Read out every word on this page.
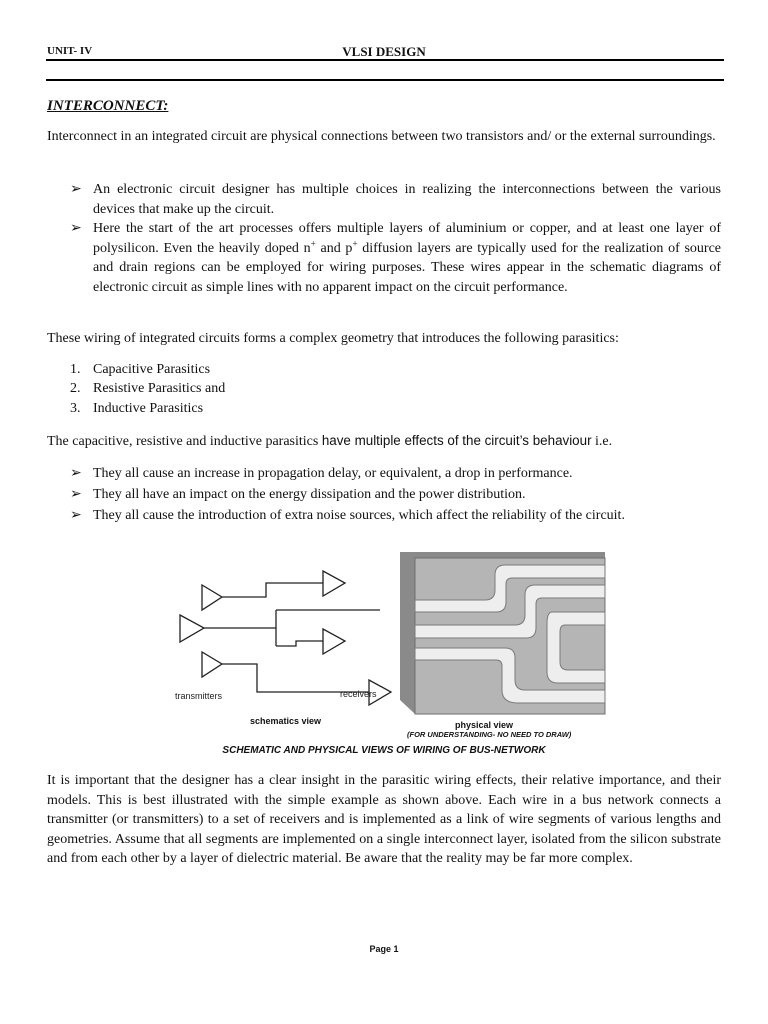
UNIT- IV	VLSI DESIGN
INTERCONNECT:

Interconnect in an integrated circuit are physical connections between two transistors and/ or the external surroundings.

➢ An electronic circuit designer has multiple choices in realizing the interconnections between the various devices that make up the circuit.
➢ Here the start of the art processes offers multiple layers of aluminium or copper, and at least one layer of polysilicon. Even the heavily doped n+ and p+ diffusion layers are typically used for the realization of source and drain regions can be employed for wiring purposes. These wires appear in the schematic diagrams of electronic circuit as simple lines with no apparent impact on the circuit performance.

These wiring of integrated circuits forms a complex geometry that introduces the following parasitics:

1. Capacitive Parasitics
2. Resistive Parasitics and
3. Inductive Parasitics

The capacitive, resistive and inductive parasitics have multiple effects of the circuit’s behaviour i.e.

➢ They all cause an increase in propagation delay, or equivalent, a drop in performance.
➢ They all have an impact on the energy dissipation and the power distribution.
➢ They all cause the introduction of extra noise sources, which affect the reliability of the circuit.
transmitters	receivers
schematics view	physical view
(FOR UNDERSTANDING- NO NEED TO DRAW)
SCHEMATIC AND PHYSICAL VIEWS OF WIRING OF BUS-NETWORK

It is important that the designer has a clear insight in the parasitic wiring effects, their relative importance, and their models. This is best illustrated with the simple example as shown above. Each wire in a bus network connects a transmitter (or transmitters) to a set of receivers and is implemented as a link of wire segments of various lengths and geometries. Assume that all segments are implemented on a single interconnect layer, isolated from the silicon substrate and from each other by a layer of dielectric material. Be aware that the reality may be far more complex.

Page 1
